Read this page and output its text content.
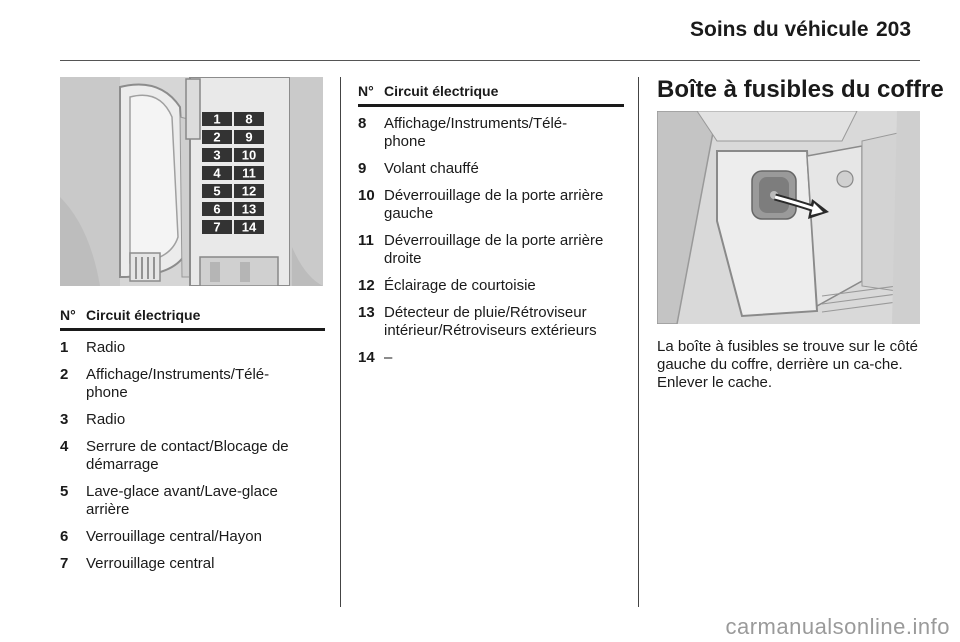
Soins du véhicule 203
1 8
2 9
3 10
4 11
5 12
6 13
7 14
N° Circuit électrique
1	Radio
2	Affichage/Instruments/Télé-phone
3	Radio
4	Serrure de contact/Blocage de démarrage
5	Lave-glace avant/Lave-glace arrière
6	Verrouillage central/Hayon
7	Verrouillage central
N° Circuit électrique
8	Affichage/Instruments/Télé-phone
9	Volant chauffé
10 Déverrouillage de la porte arrière gauche
11 Déverrouillage de la porte arrière droite
12 Éclairage de courtoisie
13 Détecteur de pluie/Rétroviseur intérieur/Rétroviseurs extérieurs
14 –
Boîte à fusibles du coffre
La boîte à fusibles se trouve sur le côté gauche du coffre, derrière un ca-che. Enlever le cache.
carmanualsonline.info
